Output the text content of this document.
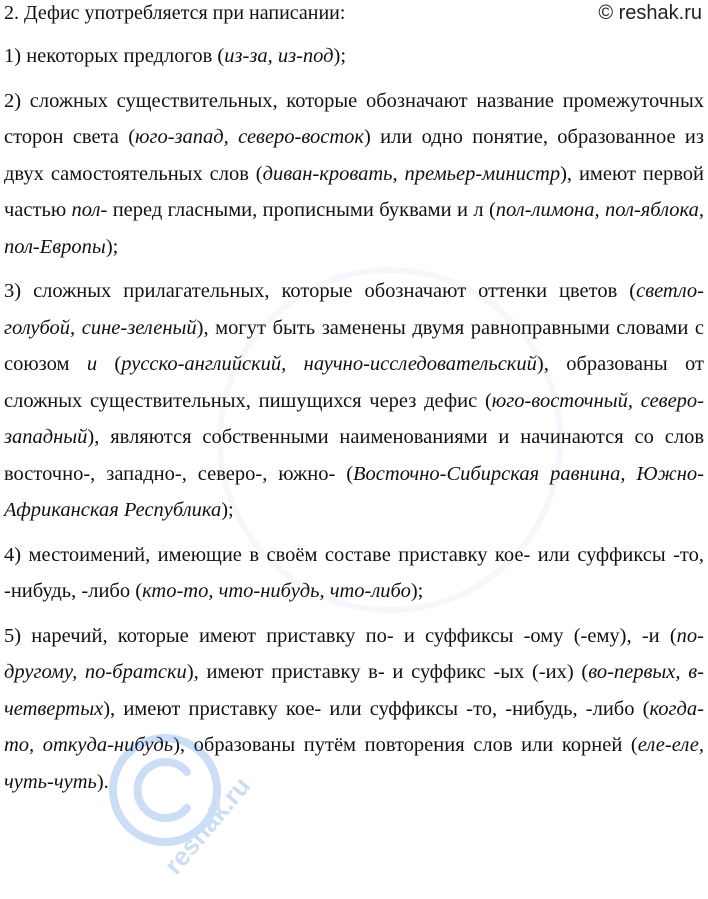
2. Дефис употребляется при написании:	© reshak.ru

1) некоторых предлогов (из-за, из-под);

2) сложных существительных, которые обозначают название промежуточных сторон света (юго-запад, северо-восток) или одно понятие, образованное из двух самостоятельных слов (диван-кровать, премьер-министр), имеют первой частью пол- перед гласными, прописными буквами и л (пол-лимона, пол-яблока, пол-Европы);

3) сложных прилагательных, которые обозначают оттенки цветов (светло-голубой, сине-зеленый), могут быть заменены двумя равноправными словами с союзом и (русско-английский, научно-исследовательский), образованы от сложных существительных, пишущихся через дефис (юго-восточный, северо-западный), являются собственными наименованиями и начинаются со слов восточно-, западно-, северо-, южно- (Восточно-Сибирская равнина, Южно-Африканская Республика);

4) местоимений, имеющие в своём составе приставку кое- или суффиксы -то, -нибудь, -либо (кто-то, что-нибудь, что-либо);

5) наречий, которые имеют приставку по- и суффиксы -ому (-ему), -и (по-другому, по-братски), имеют приставку в- и суффикс -ых (-их) (во-первых, в-четвертых), имеют приставку кое- или суффиксы -то, -нибудь, -либо (когда-то, откуда-нибудь), образованы путём повторения слов или корней (еле-еле, чуть-чуть).	reshak.ru
